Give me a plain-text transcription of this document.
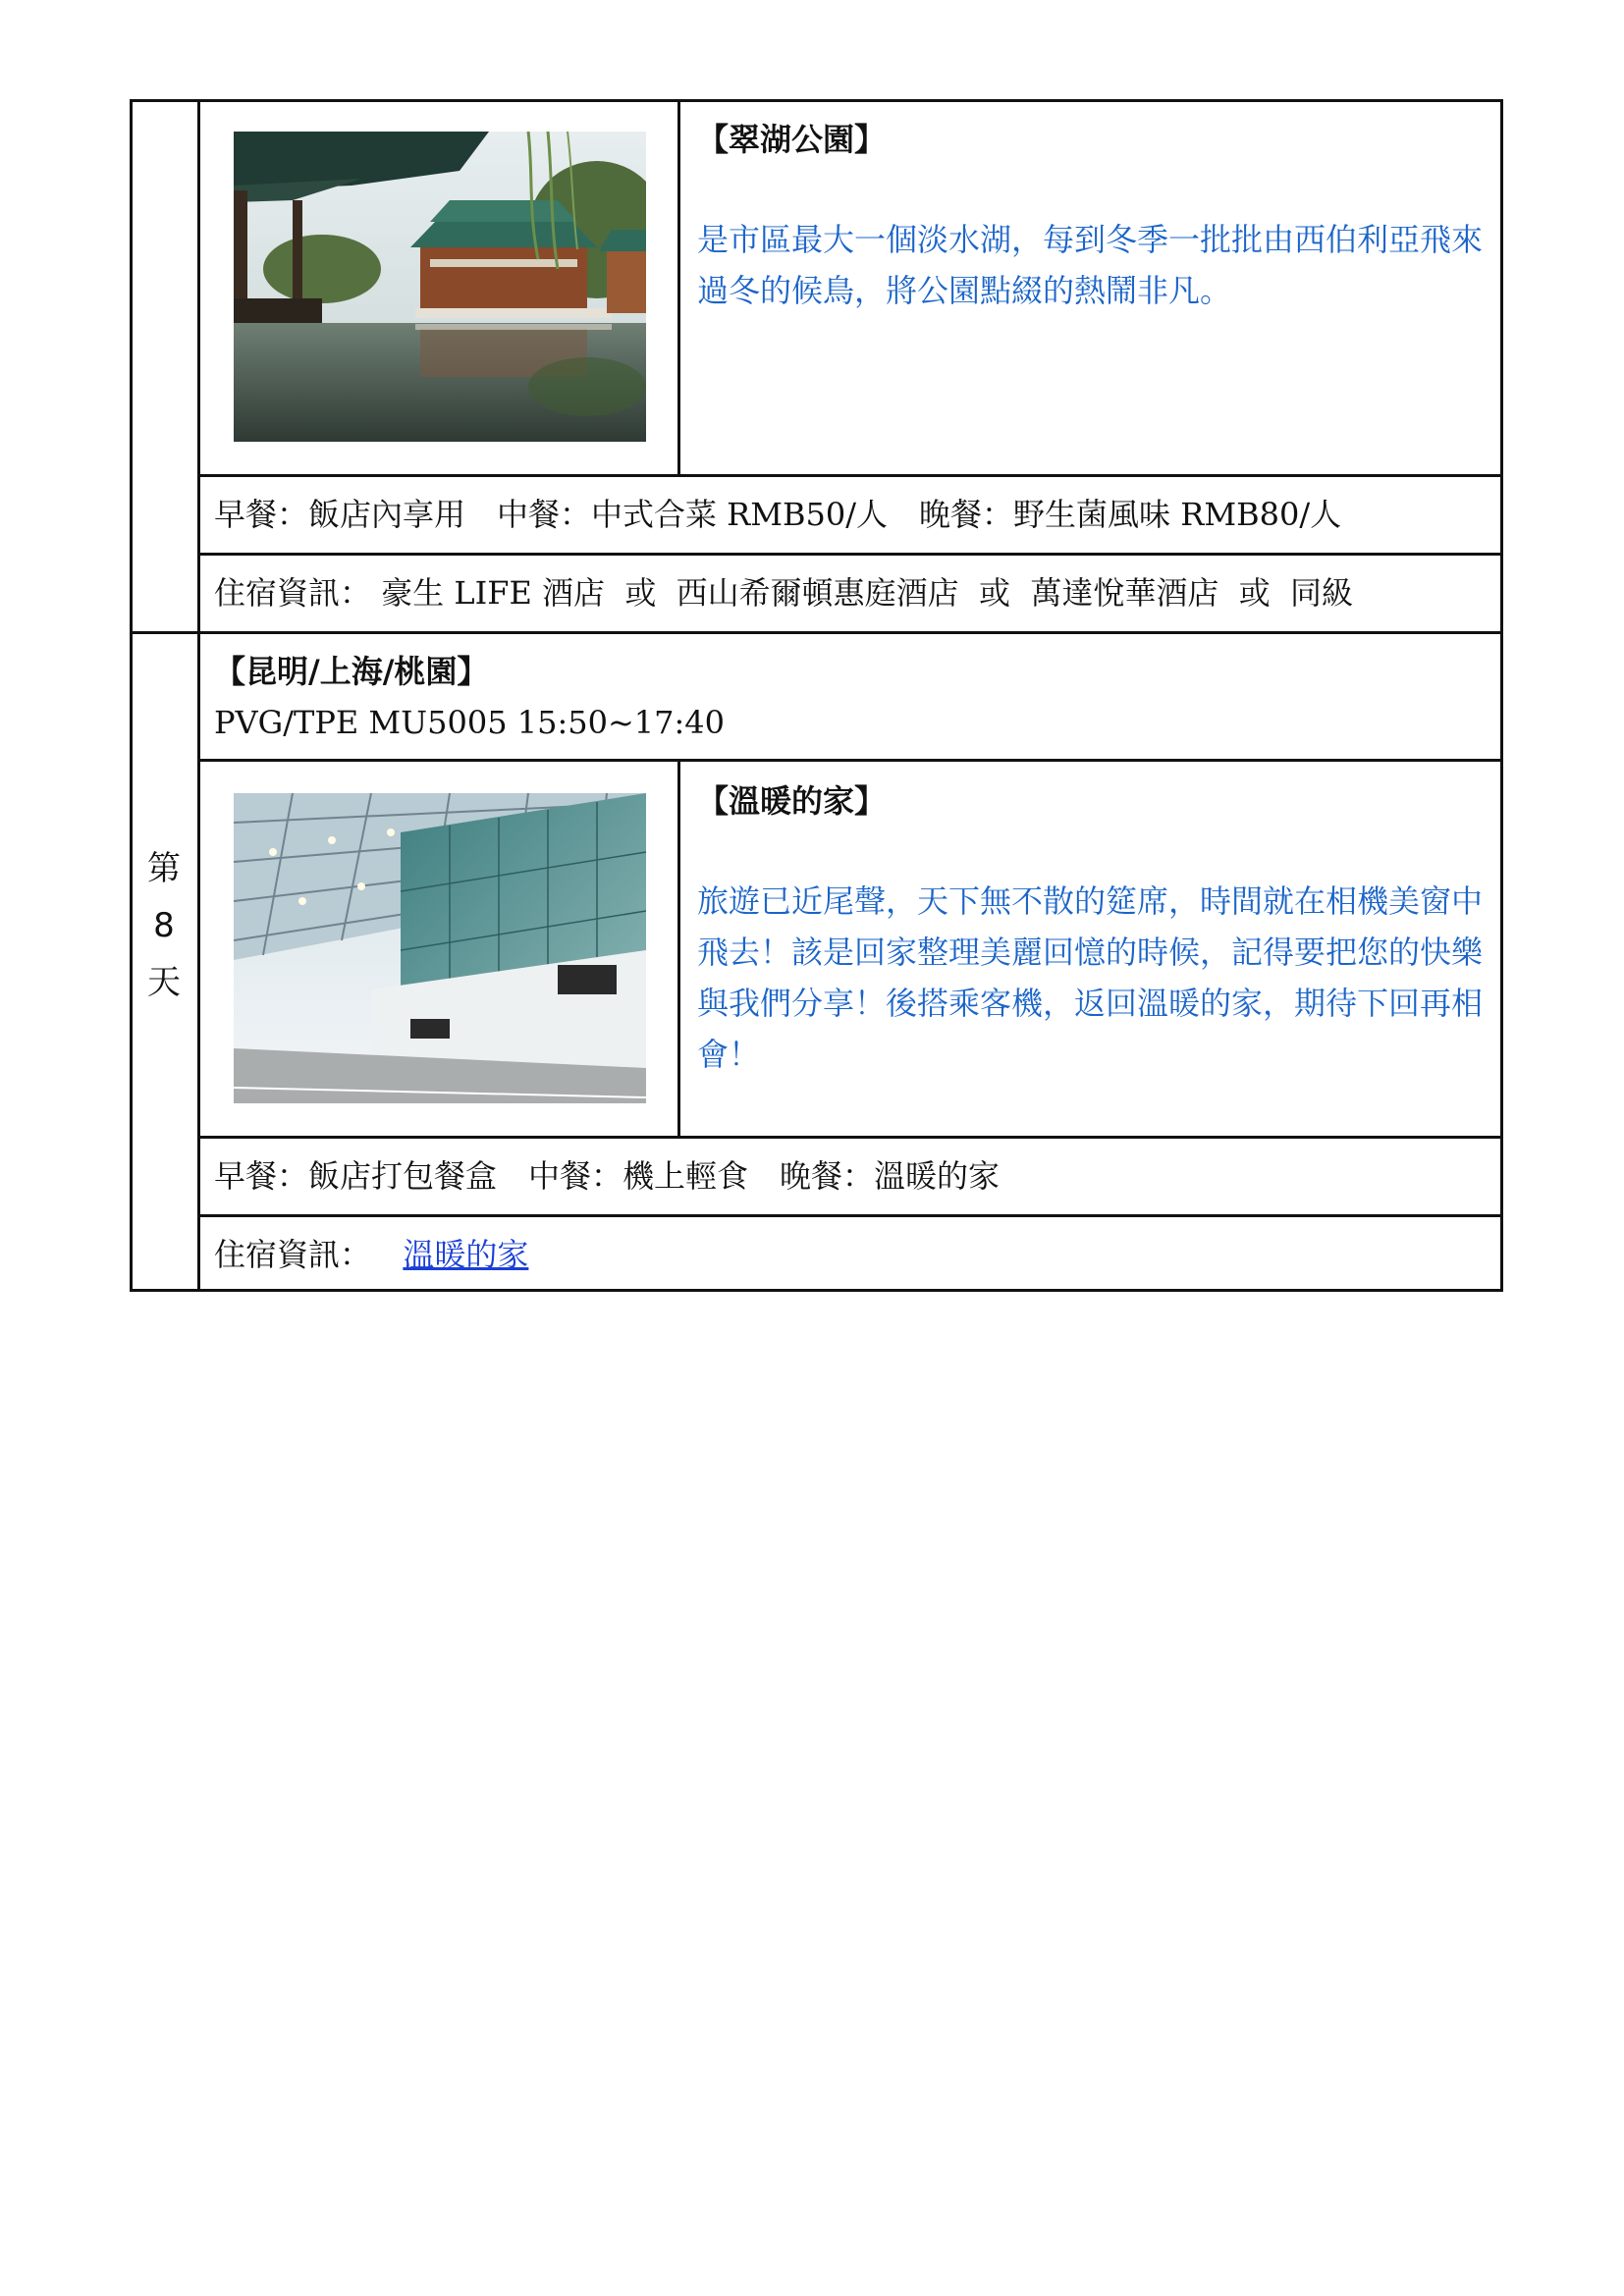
【翠湖公園】
是市區最大一個淡水湖，每到冬季一批批由西伯利亞飛來過冬的候鳥，將公園點綴的熱鬧非凡。
早餐：飯店內享用　中餐：中式合菜 RMB50/人　晚餐：野生菌風味 RMB80/人
住宿資訊： 豪生 LIFE 酒店  或  西山希爾頓惠庭酒店  或  萬達悅華酒店  或  同級
第
8
天
【昆明/上海/桃園】
PVG/TPE MU5005 15:50~17:40
【溫暖的家】
旅遊已近尾聲，天下無不散的筵席，時間就在相機美窗中飛去！該是回家整理美麗回憶的時候，記得要把您的快樂與我們分享！後搭乘客機，返回溫暖的家，期待下回再相會！
早餐：飯店打包餐盒　中餐：機上輕食　晚餐：溫暖的家
住宿資訊： 溫暖的家
